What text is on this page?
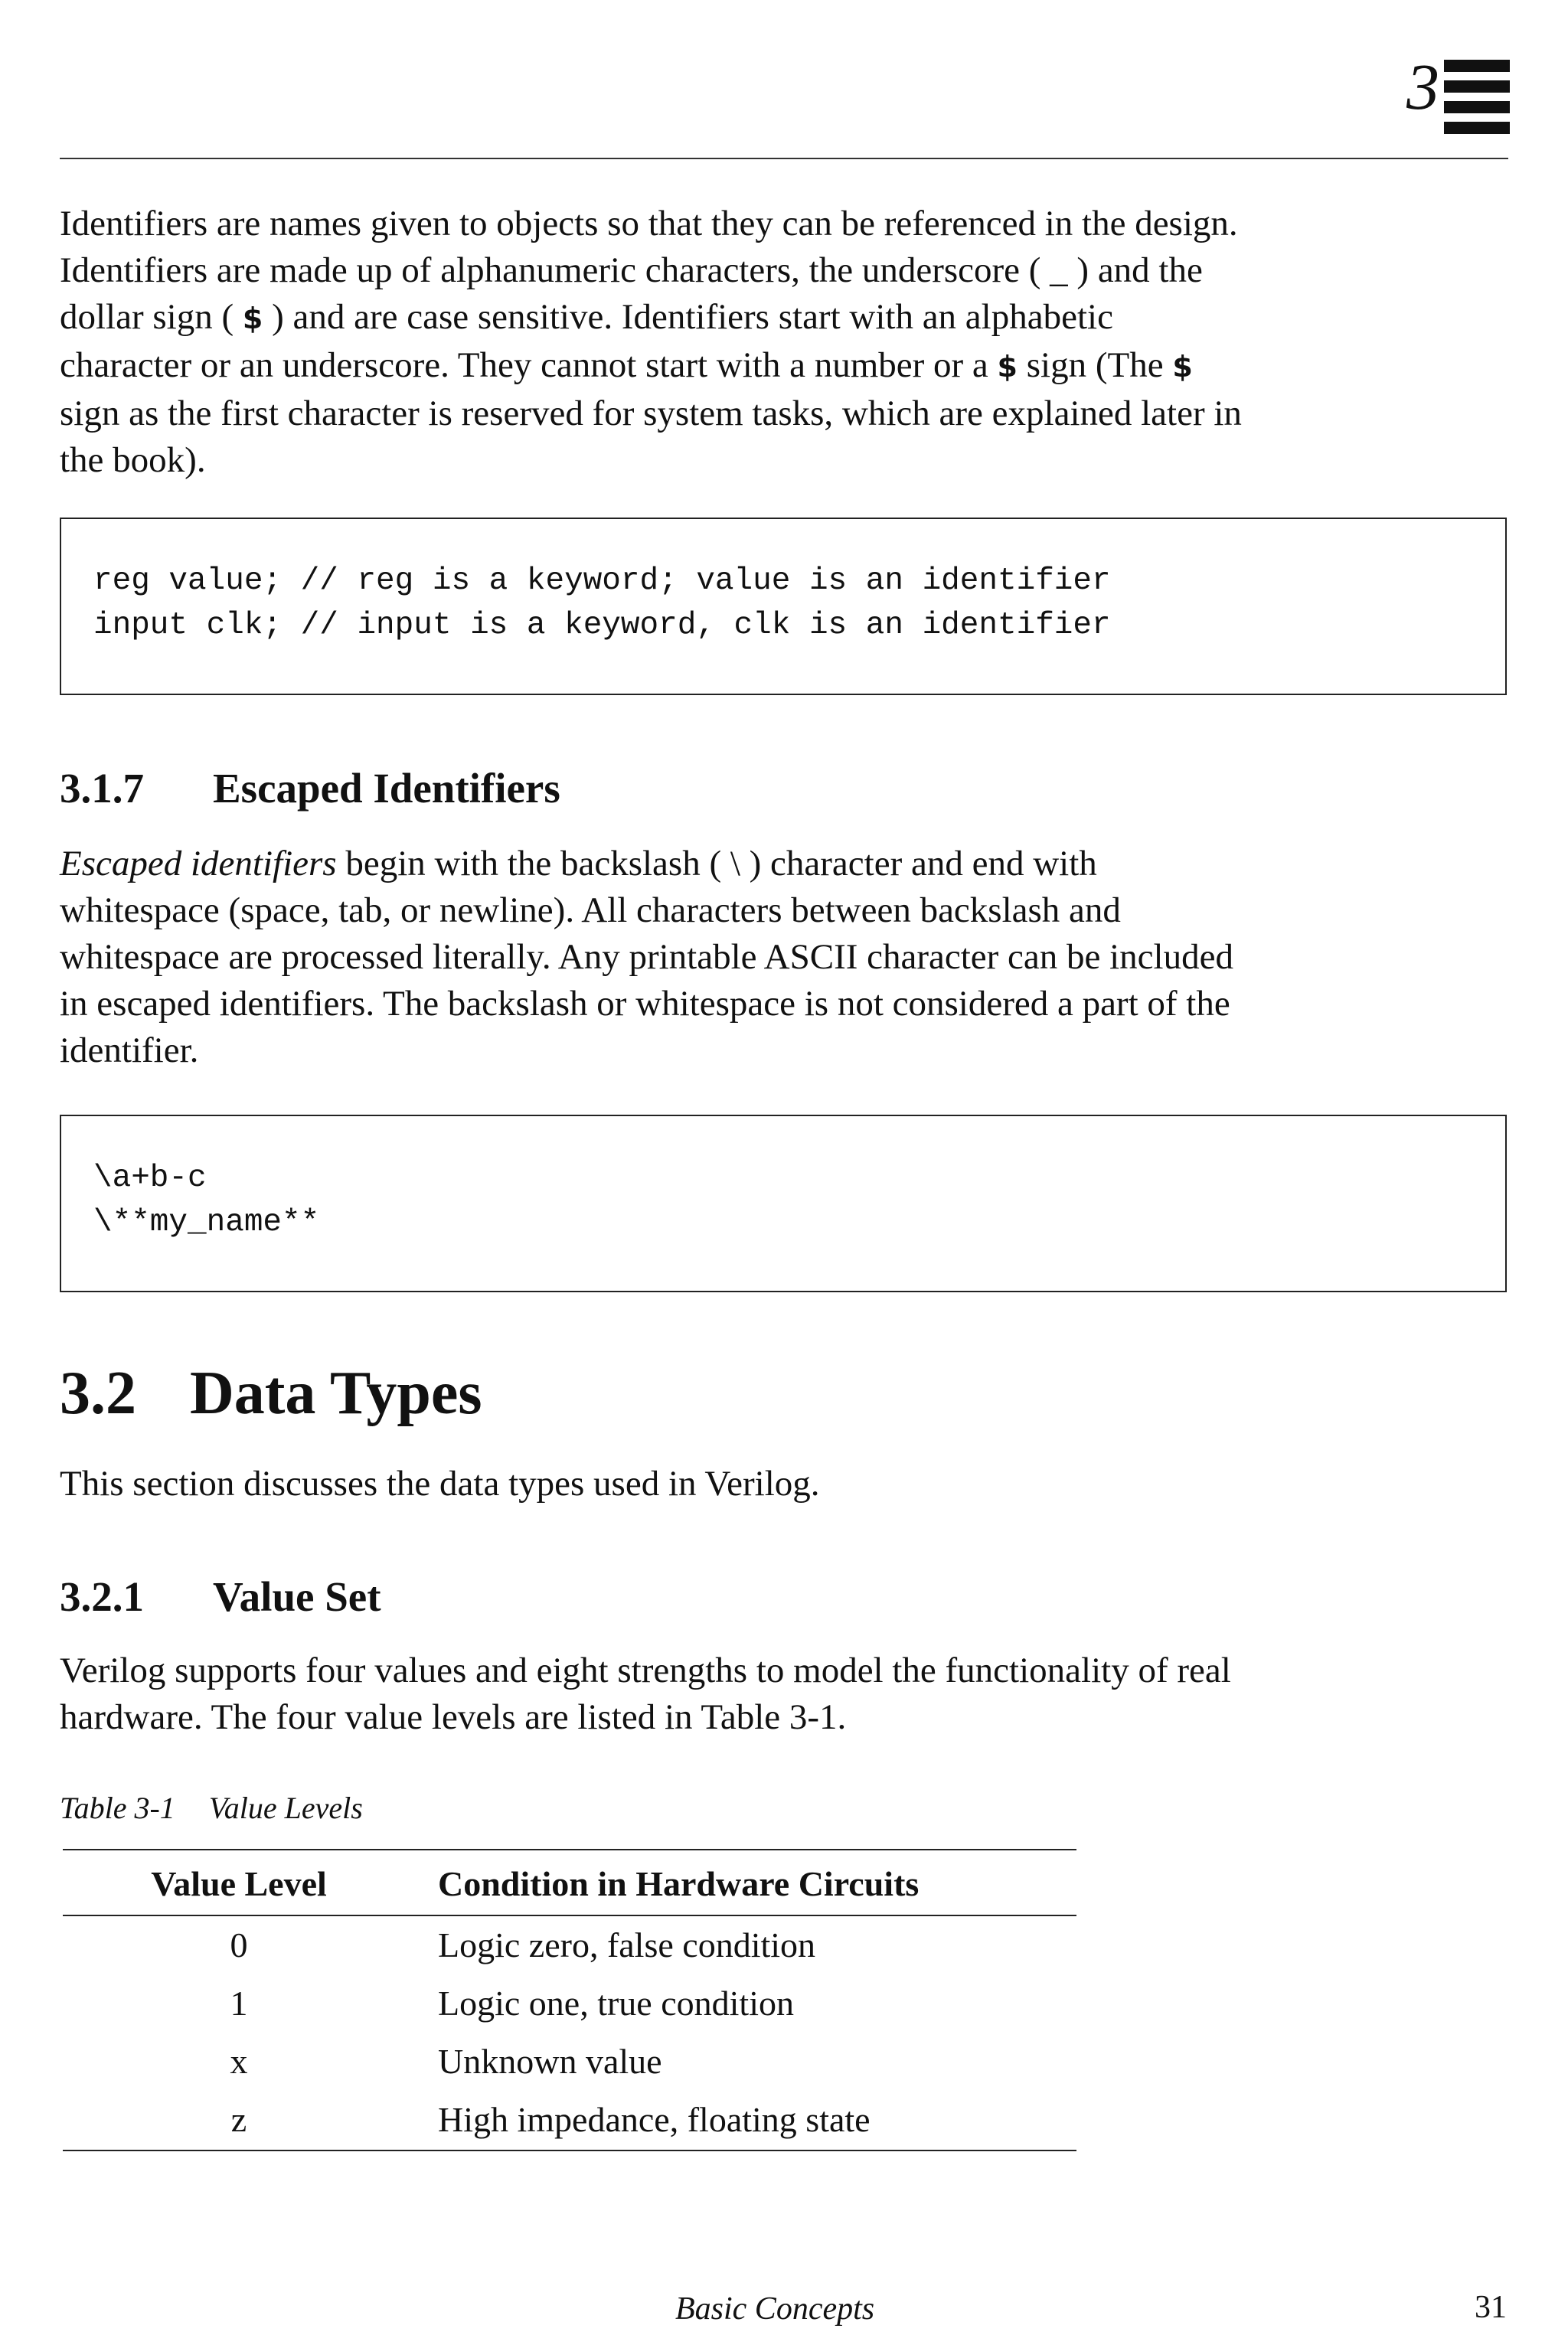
3
Identifiers are names given to objects so that they can be referenced in the design.
Identifiers are made up of alphanumeric characters, the underscore ( _ ) and the
dollar sign ( $ ) and are case sensitive. Identifiers start with an alphabetic
character or an underscore. They cannot start with a number or a $ sign (The $
sign as the first character is reserved for system tasks, which are explained later in
the book).
reg value; // reg is a keyword; value is an identifier
input clk; // input is a keyword, clk is an identifier
3.1.7 Escaped Identifiers
Escaped identifiers begin with the backslash ( \ ) character and end with
whitespace (space, tab, or newline). All characters between backslash and
whitespace are processed literally. Any printable ASCII character can be included
in escaped identifiers. The backslash or whitespace is not considered a part of the
identifier.
\a+b-c
\**my_name**
3.2 Data Types
This section discusses the data types used in Verilog.
3.2.1 Value Set
Verilog supports four values and eight strengths to model the functionality of real
hardware. The four value levels are listed in Table 3-1.
Table 3-1 Value Levels
Value Level	Condition in Hardware Circuits
0	Logic zero, false condition
1	Logic one, true condition
x	Unknown value
z	High impedance, floating state
Basic Concepts	31
